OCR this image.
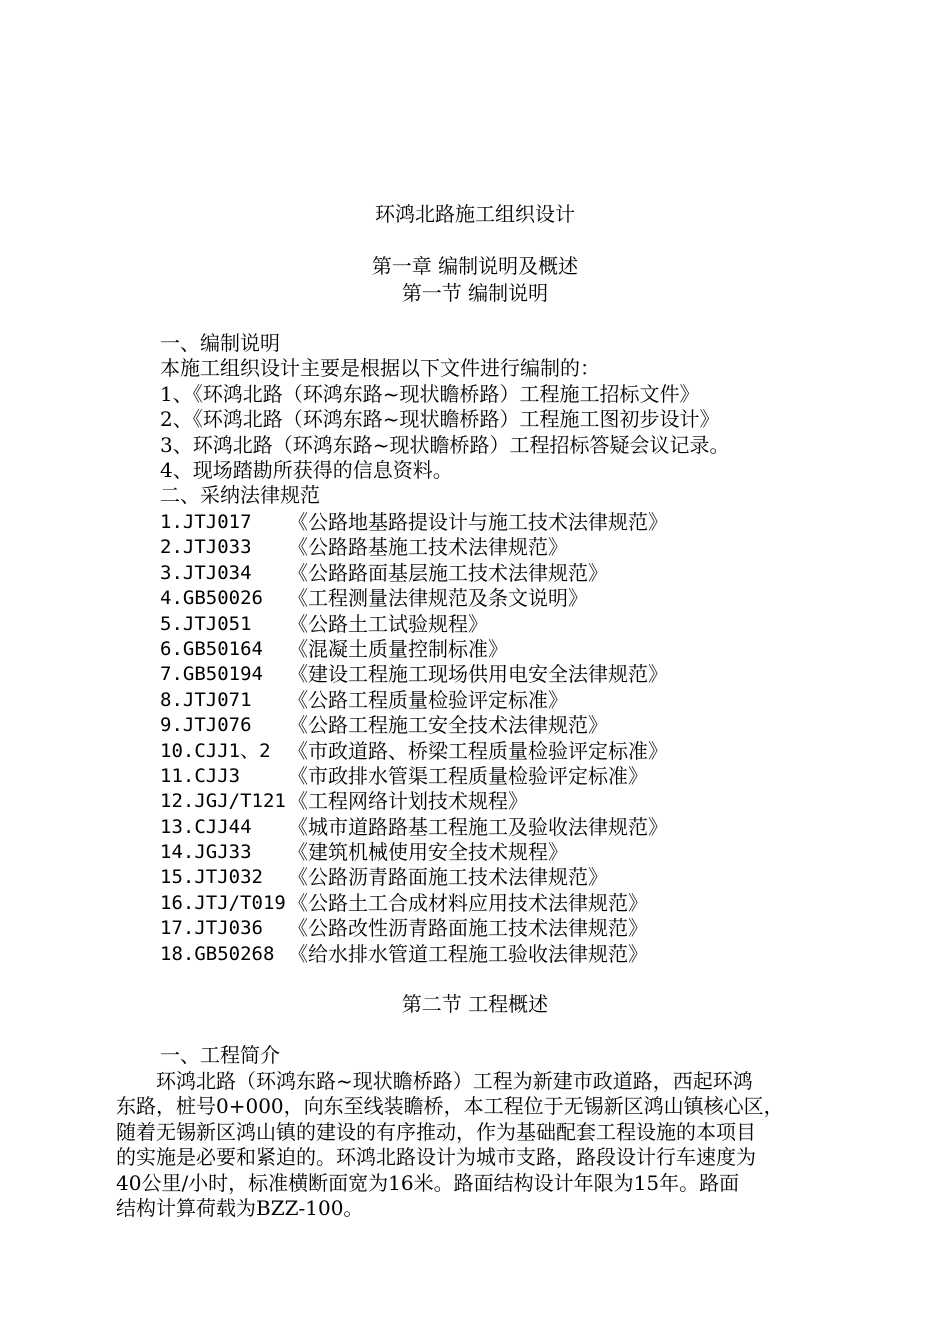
环鸿北路施工组织设计
第一章 编制说明及概述
第一节 编制说明
一、编制说明
本施工组织设计主要是根据以下文件进行编制的：
1、《环鸿北路（环鸿东路~现状瞻桥路）工程施工招标文件》
2、《环鸿北路（环鸿东路~现状瞻桥路）工程施工图初步设计》
3、环鸿北路（环鸿东路~现状瞻桥路）工程招标答疑会议记录。
4、现场踏勘所获得的信息资料。
二、采纳法律规范
1.JTJ017 《公路地基路提设计与施工技术法律规范》
2.JTJ033 《公路路基施工技术法律规范》
3.JTJ034 《公路路面基层施工技术法律规范》
4.GB50026 《工程测量法律规范及条文说明》
5.JTJ051 《公路土工试验规程》
6.GB50164 《混凝土质量控制标准》
7.GB50194 《建设工程施工现场供用电安全法律规范》
8.JTJ071 《公路工程质量检验评定标准》
9.JTJ076 《公路工程施工安全技术法律规范》
10.CJJ1、2 《市政道路、桥梁工程质量检验评定标准》
11.CJJ3 《市政排水管渠工程质量检验评定标准》
12.JGJ/T121 《工程网络计划技术规程》
13.CJJ44 《城市道路路基工程施工及验收法律规范》
14.JGJ33 《建筑机械使用安全技术规程》
15.JTJ032 《公路沥青路面施工技术法律规范》
16.JTJ/T019 《公路土工合成材料应用技术法律规范》
17.JTJ036 《公路改性沥青路面施工技术法律规范》
18.GB50268 《给水排水管道工程施工验收法律规范》
第二节 工程概述
一、工程简介
　　环鸿北路（环鸿东路~现状瞻桥路）工程为新建市政道路，西起环鸿
东路，桩号0+000，向东至线装瞻桥，本工程位于无锡新区鸿山镇核心区，
随着无锡新区鸿山镇的建设的有序推动，作为基础配套工程设施的本项目
的实施是必要和紧迫的。环鸿北路设计为城市支路，路段设计行车速度为
40公里/小时，标准横断面宽为16米。路面结构设计年限为15年。路面
结构计算荷载为BZZ-100。
